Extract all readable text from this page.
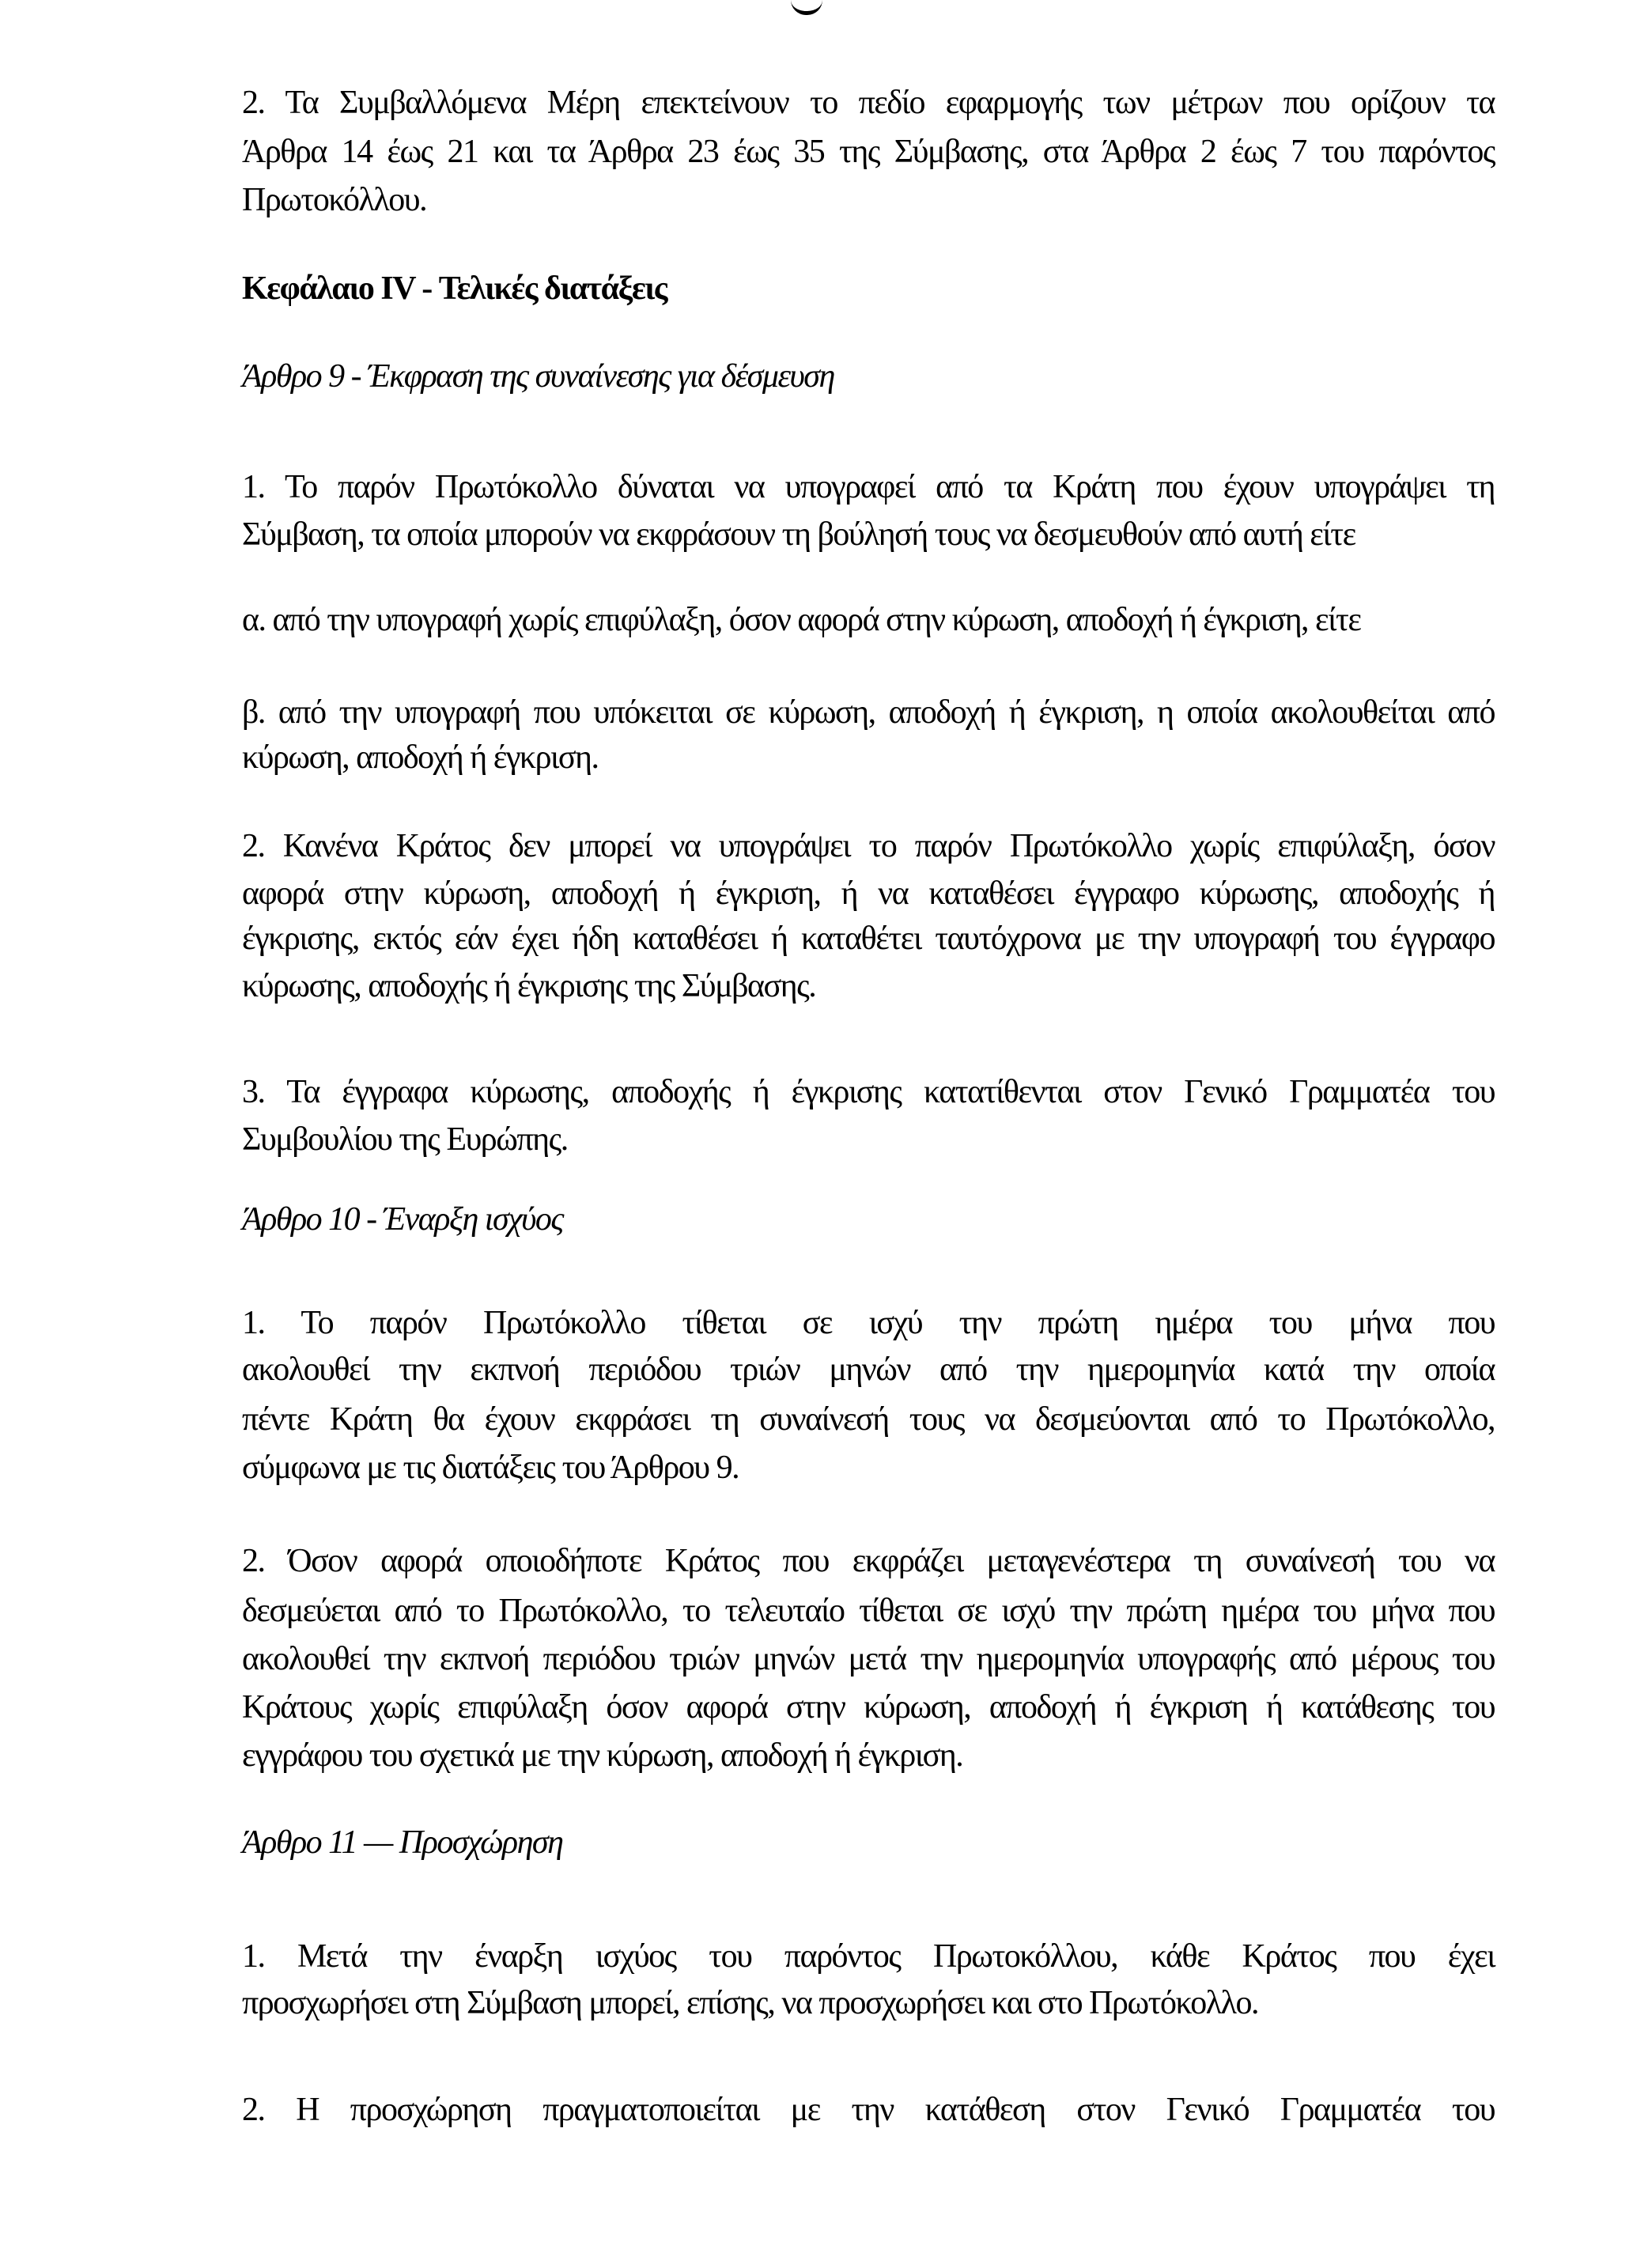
2. Τα Συμβαλλόμενα Μέρη επεκτείνουν το πεδίο εφαρμογής των μέτρων που ορίζουν τα
Άρθρα 14 έως 21 και τα Άρθρα 23 έως 35 της Σύμβασης, στα Άρθρα 2 έως 7 του παρόντος
Πρωτοκόλλου.
Κεφάλαιο IV - Τελικές διατάξεις
Άρθρο 9 - Έκφραση της συναίνεσης για δέσμευση
1. Το παρόν Πρωτόκολλο δύναται να υπογραφεί από τα Κράτη που έχουν υπογράψει τη
Σύμβαση, τα οποία μπορούν να εκφράσουν τη βούλησή τους να δεσμευθούν από αυτή είτε
α. από την υπογραφή χωρίς επιφύλαξη, όσον αφορά στην κύρωση, αποδοχή ή έγκριση, είτε
β. από την υπογραφή που υπόκειται σε κύρωση, αποδοχή ή έγκριση, η οποία ακολουθείται από
κύρωση, αποδοχή ή έγκριση.
2. Κανένα Κράτος δεν μπορεί να υπογράψει το παρόν Πρωτόκολλο χωρίς επιφύλαξη, όσον
αφορά στην κύρωση, αποδοχή ή έγκριση, ή να καταθέσει έγγραφο κύρωσης, αποδοχής ή
έγκρισης, εκτός εάν έχει ήδη καταθέσει ή καταθέτει ταυτόχρονα με την υπογραφή του έγγραφο
κύρωσης, αποδοχής ή έγκρισης της Σύμβασης.
3. Τα έγγραφα κύρωσης, αποδοχής ή έγκρισης κατατίθενται στον Γενικό Γραμματέα του
Συμβουλίου της Ευρώπης.
Άρθρο 10 - Έναρξη ισχύος
1. Το παρόν Πρωτόκολλο τίθεται σε ισχύ την πρώτη ημέρα του μήνα που
ακολουθεί την εκπνοή περιόδου τριών μηνών από την ημερομηνία κατά την οποία
πέντε Κράτη θα έχουν εκφράσει τη συναίνεσή τους να δεσμεύονται από το Πρωτόκολλο,
σύμφωνα με τις διατάξεις του Άρθρου 9.
2. Όσον αφορά οποιοδήποτε Κράτος που εκφράζει μεταγενέστερα τη συναίνεσή του να
δεσμεύεται από το Πρωτόκολλο, το τελευταίο τίθεται σε ισχύ την πρώτη ημέρα του μήνα που
ακολουθεί την εκπνοή περιόδου τριών μηνών μετά την ημερομηνία υπογραφής από μέρους του
Κράτους χωρίς επιφύλαξη όσον αφορά στην κύρωση, αποδοχή ή έγκριση ή κατάθεσης του
εγγράφου του σχετικά με την κύρωση, αποδοχή ή έγκριση.
Άρθρο 11 — Προσχώρηση
1. Μετά την έναρξη ισχύος του παρόντος Πρωτοκόλλου, κάθε Κράτος που έχει
προσχωρήσει στη Σύμβαση μπορεί, επίσης, να προσχωρήσει και στο Πρωτόκολλο.
2. Η προσχώρηση πραγματοποιείται με την κατάθεση στον Γενικό Γραμματέα του
